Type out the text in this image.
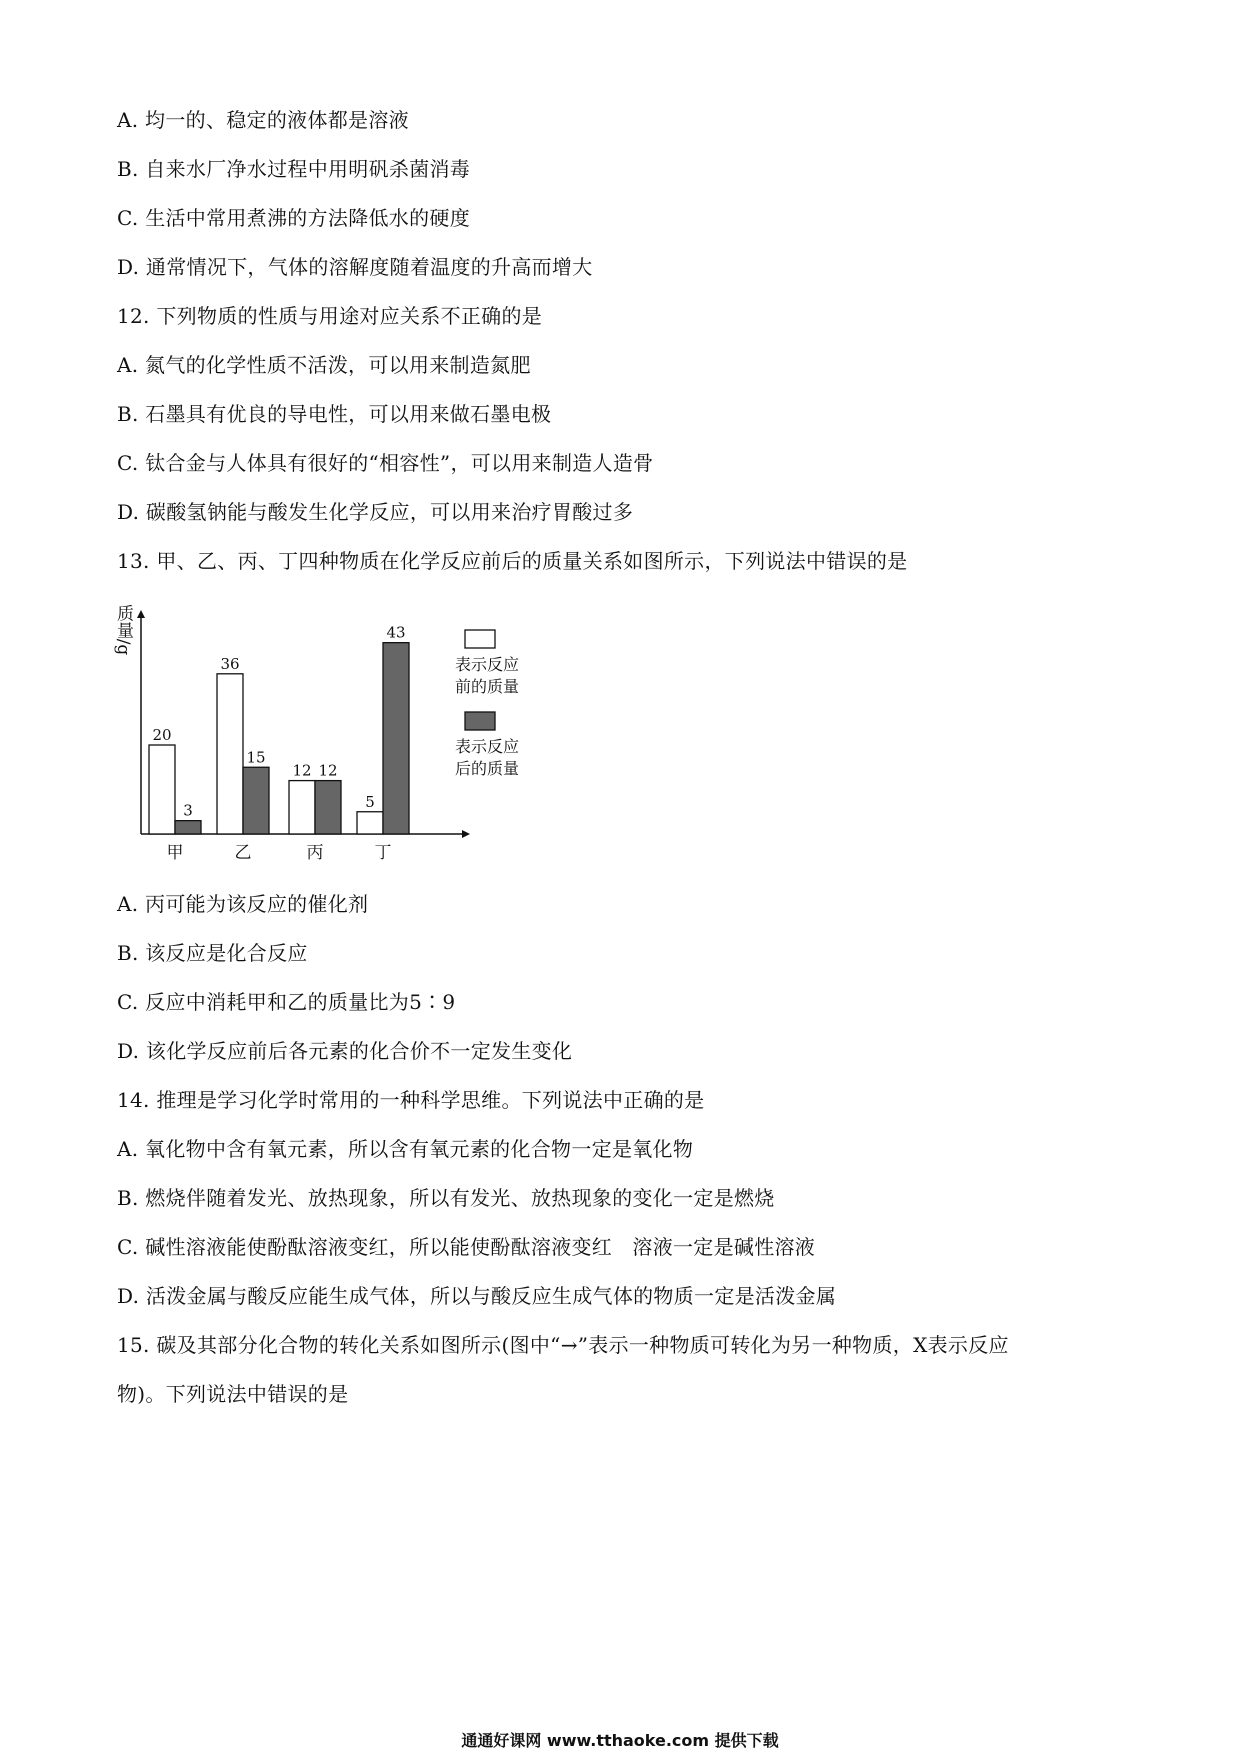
A. 均一的、稳定的液体都是溶液
B. 自来水厂净水过程中用明矾杀菌消毒
C. 生活中常用煮沸的方法降低水的硬度
D. 通常情况下，气体的溶解度随着温度的升高而增大
12. 下列物质的性质与用途对应关系不正确的是
A. 氮气的化学性质不活泼，可以用来制造氮肥
B. 石墨具有优良的导电性，可以用来做石墨电极
C. 钛合金与人体具有很好的“相容性”，可以用来制造人造骨
D. 碳酸氢钠能与酸发生化学反应，可以用来治疗胃酸过多
13. 甲、乙、丙、丁四种物质在化学反应前后的质量关系如图所示，下列说法中错误的是
质量/g
20
3
36
15
12 12
5
43
甲	乙	丙	丁
表示反应
前的质量
表示反应
后的质量
A. 丙可能为该反应的催化剂
B. 该反应是化合反应
C. 反应中消耗甲和乙的质量比为5∶9
D. 该化学反应前后各元素的化合价不一定发生变化
14. 推理是学习化学时常用的一种科学思维。下列说法中正确的是
A. 氧化物中含有氧元素，所以含有氧元素的化合物一定是氧化物
B. 燃烧伴随着发光、放热现象，所以有发光、放热现象的变化一定是燃烧
C. 碱性溶液能使酚酞溶液变红，所以能使酚酞溶液变红　溶液一定是碱性溶液
D. 活泼金属与酸反应能生成气体，所以与酸反应生成气体的物质一定是活泼金属
15. 碳及其部分化合物的转化关系如图所示(图中“→”表示一种物质可转化为另一种物质，X表示反应
物)。下列说法中错误的是
通通好课网 www.tthaoke.com 提供下载
